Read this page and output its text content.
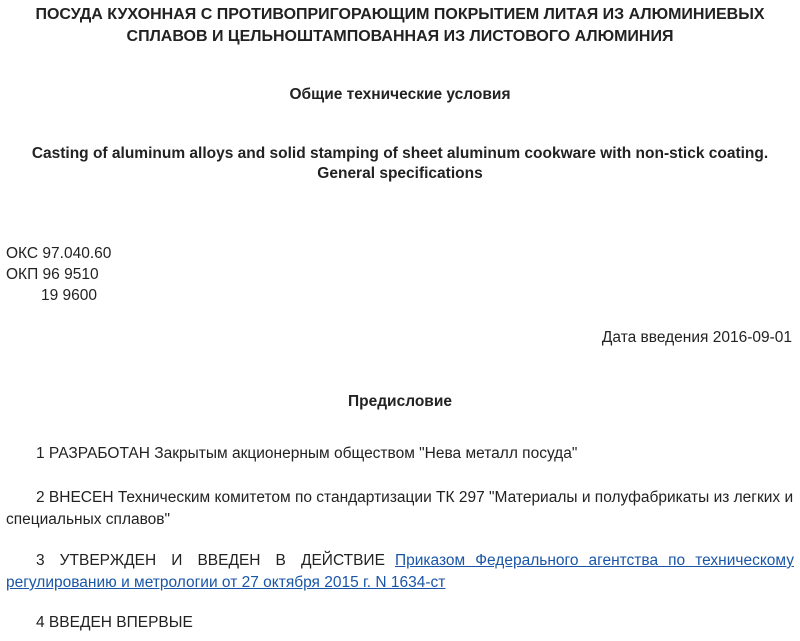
ПОСУДА КУХОННАЯ С ПРОТИВОПРИГОРАЮЩИМ ПОКРЫТИЕМ ЛИТАЯ ИЗ АЛЮМИНИЕВЫХ СПЛАВОВ И ЦЕЛЬНОШТАМПОВАННАЯ ИЗ ЛИСТОВОГО АЛЮМИНИЯ
Общие технические условия
Casting of aluminum alloys and solid stamping of sheet aluminum cookware with non-stick coating.
General specifications
ОКС 97.040.60
ОКП 96 9510
19 9600
Дата введения 2016-09-01
Предисловие
1 РАЗРАБОТАН Закрытым акционерным обществом "Нева металл посуда"
2 ВНЕСЕН Техническим комитетом по стандартизации ТК 297 "Материалы и полуфабрикаты из легких и специальных сплавов"
3 УТВЕРЖДЕН И ВВЕДЕН В ДЕЙСТВИЕ Приказом Федерального агентства по техническому регулированию и метрологии от 27 октября 2015 г. N 1634-ст
4 ВВЕДЕН ВПЕРВЫЕ
